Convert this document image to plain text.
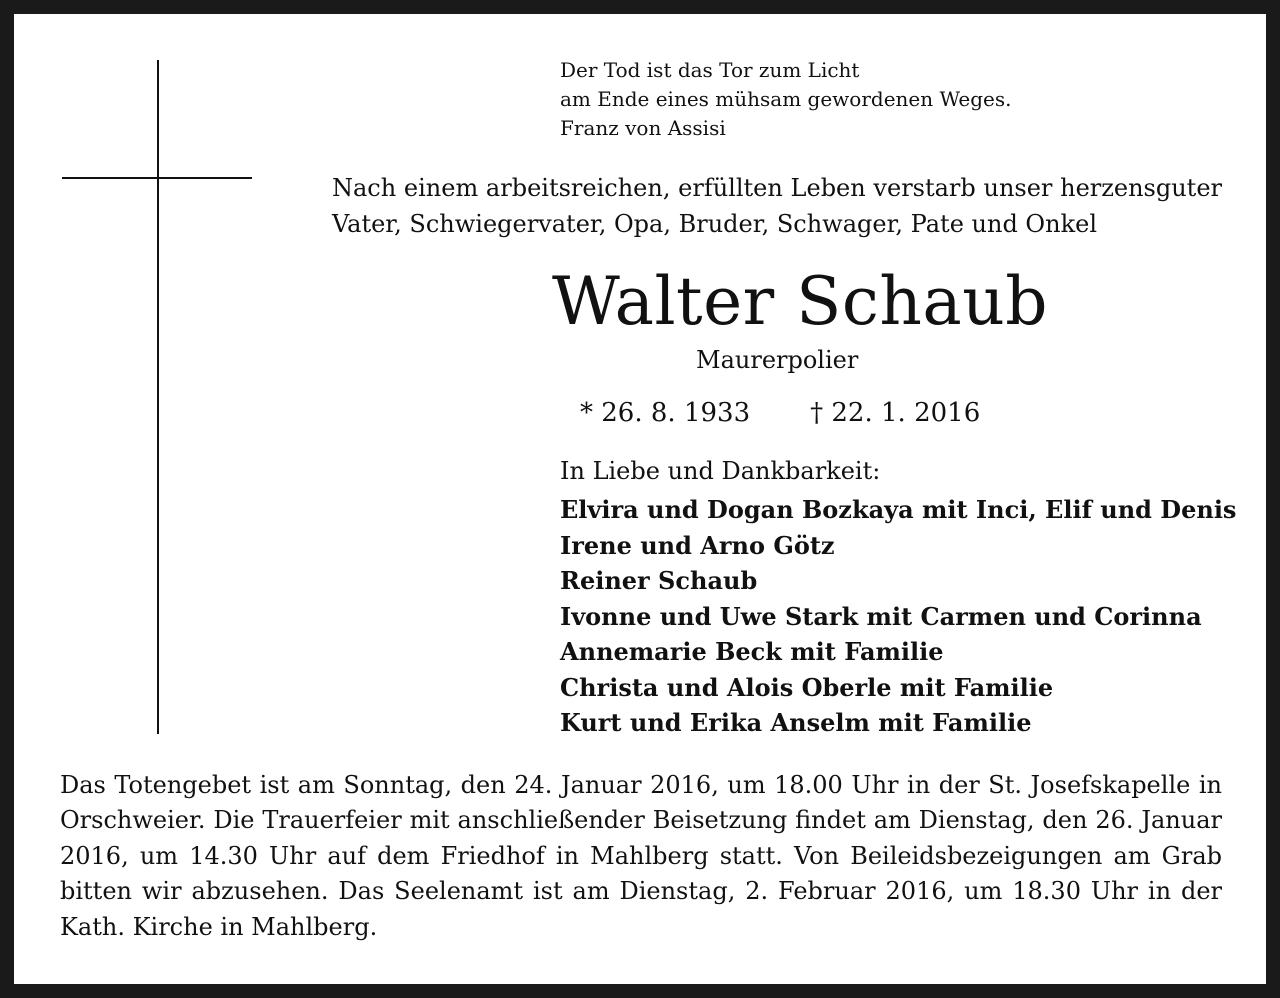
Der Tod ist das Tor zum Licht
am Ende eines mühsam gewordenen Weges.
Franz von Assisi
Nach einem arbeitsreichen, erfüllten Leben verstarb unser herzensguter
Vater, Schwiegervater, Opa, Bruder, Schwager, Pate und Onkel
Walter Schaub
Maurerpolier
* 26. 8. 1933 † 22. 1. 2016
In Liebe und Dankbarkeit:
Elvira und Dogan Bozkaya mit Inci, Elif und Denis
Irene und Arno Götz
Reiner Schaub
Ivonne und Uwe Stark mit Carmen und Corinna
Annemarie Beck mit Familie
Christa und Alois Oberle mit Familie
Kurt und Erika Anselm mit Familie
Das Totengebet ist am Sonntag, den 24. Januar 2016, um 18.00 Uhr in der St. Josefskapelle in
Orschweier. Die Trauerfeier mit anschließender Beisetzung findet am Dienstag, den 26. Januar
2016, um 14.30 Uhr auf dem Friedhof in Mahlberg statt. Von Beileidsbezeigungen am Grab
bitten wir abzusehen. Das Seelenamt ist am Dienstag, 2. Februar 2016, um 18.30 Uhr in der
Kath. Kirche in Mahlberg.
